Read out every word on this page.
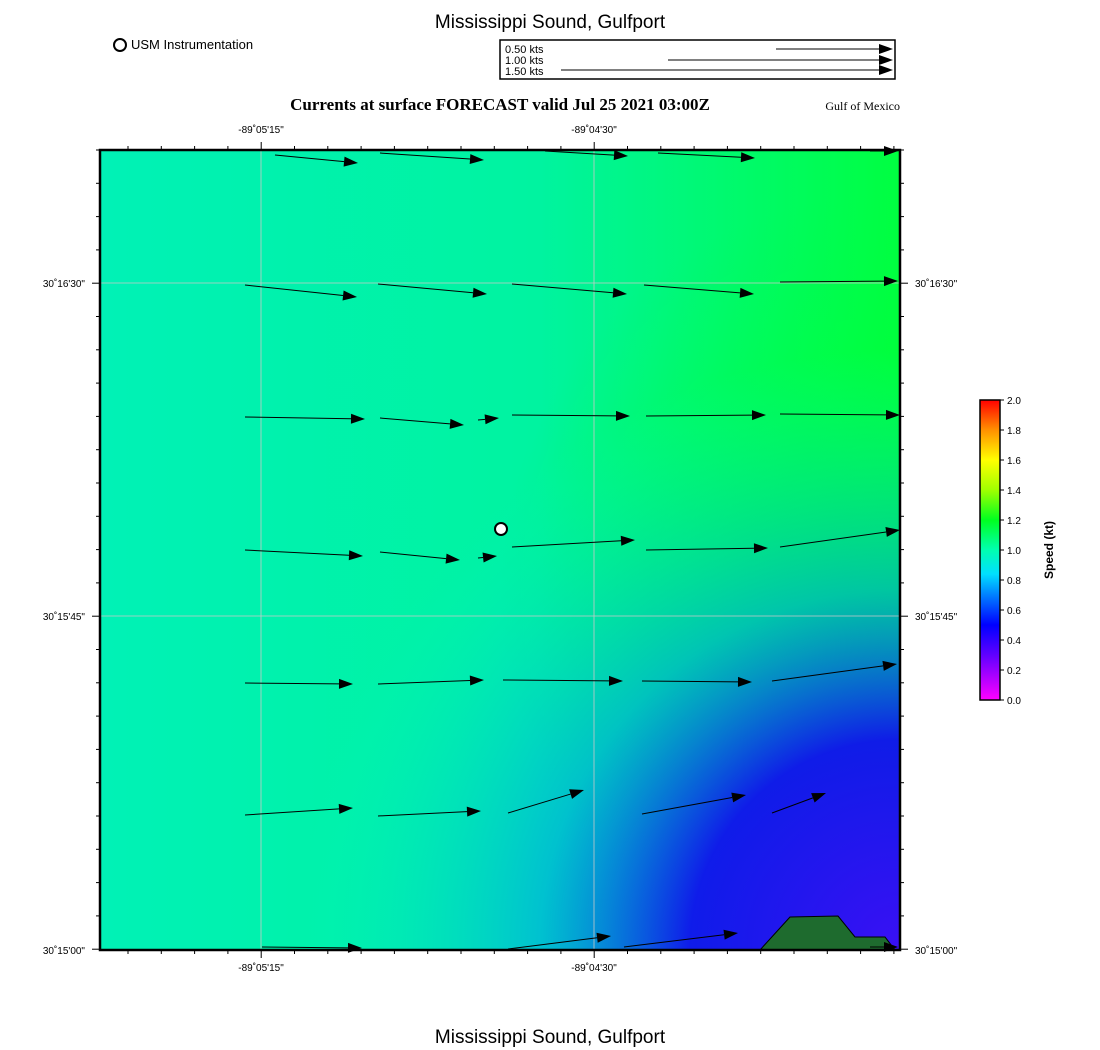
Mississippi Sound, Gulfport
USM Instrumentation	0.50 kts
1.00 kts
1.50 kts
Currents at surface FORECAST valid Jul 25 2021 03:00Z	Gulf of Mexico
-89˚05'15"	-89˚04'30"
-89˚05'15"	-89˚04'30"
30˚16'30"
30˚15'45"
30˚15'00"
30˚16'30"
30˚15'45"
30˚15'00"
2.0
1.8
1.6
1.4
1.2
1.0
0.8
0.6
0.4
0.2
0.0
Speed (kt)
Mississippi Sound, Gulfport
